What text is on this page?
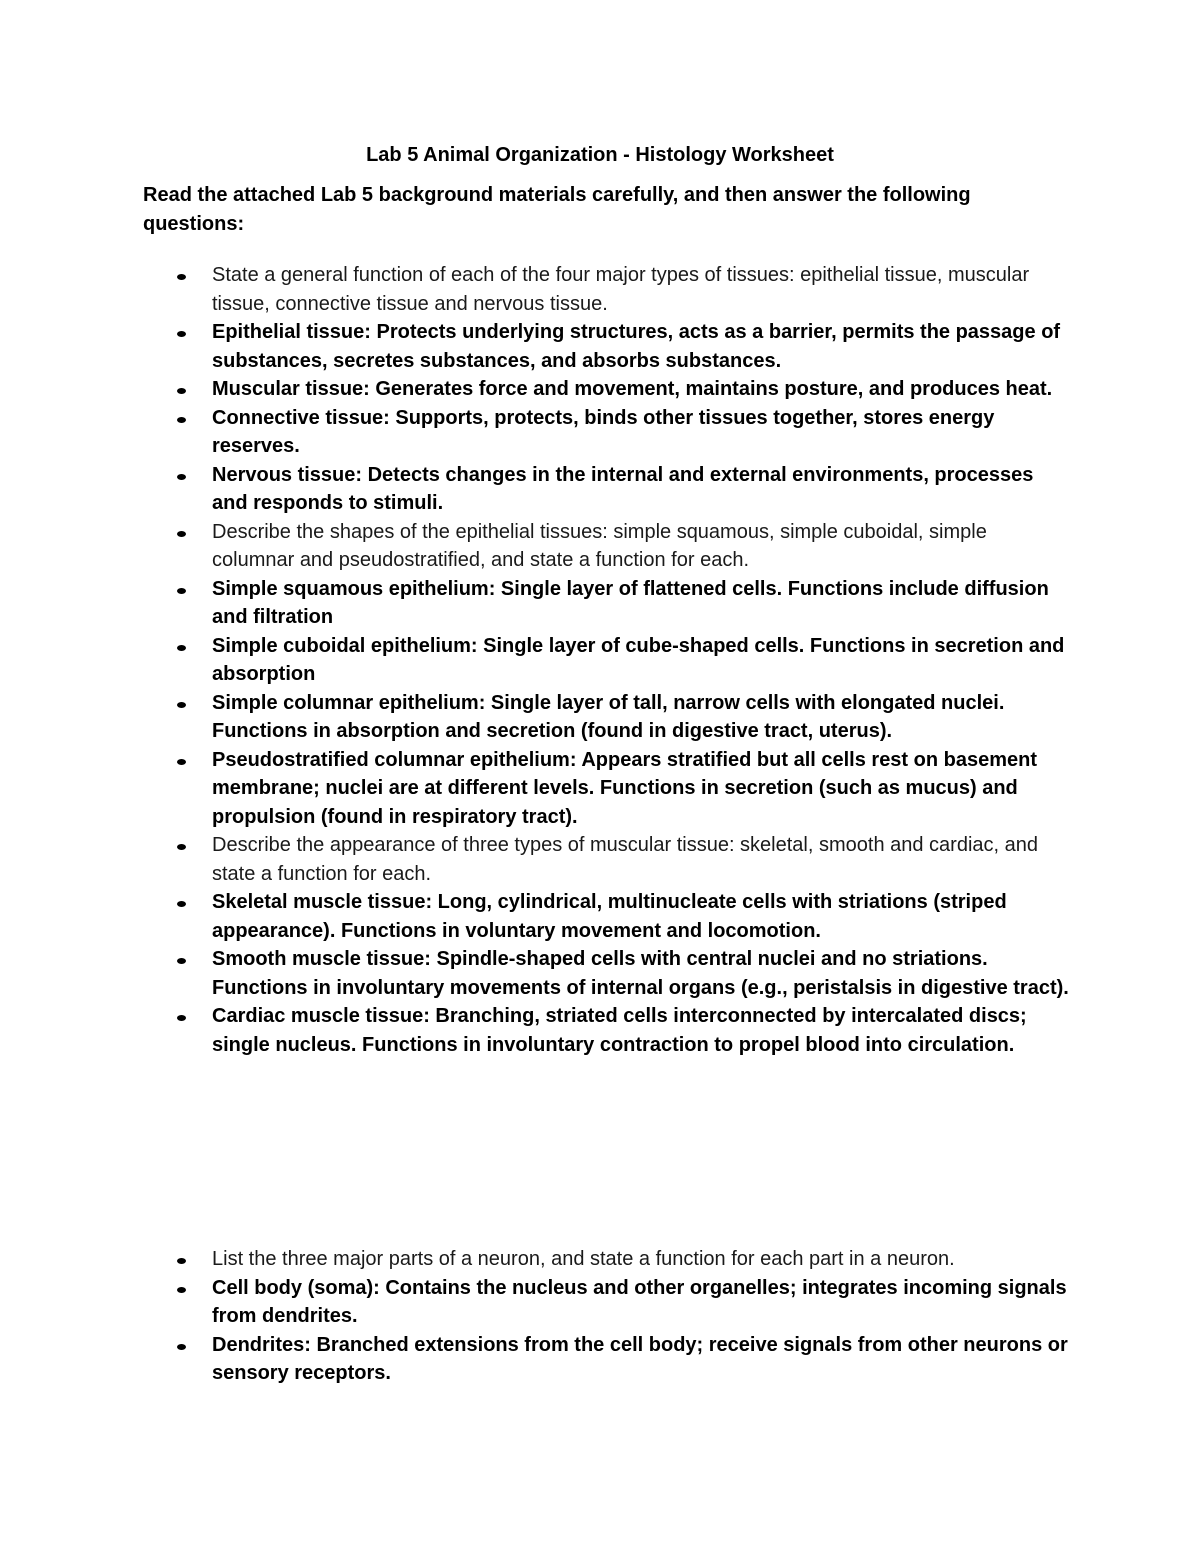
Lab 5 Animal Organization - Histology Worksheet
Read the attached Lab 5 background materials carefully, and then answer the following questions:
State a general function of each of the four major types of tissues: epithelial tissue, muscular tissue, connective tissue and nervous tissue.
Epithelial tissue: Protects underlying structures, acts as a barrier, permits the passage of substances, secretes substances, and absorbs substances.
Muscular tissue: Generates force and movement, maintains posture, and produces heat.
Connective tissue: Supports, protects, binds other tissues together, stores energy reserves.
Nervous tissue: Detects changes in the internal and external environments, processes and responds to stimuli.
Describe the shapes of the epithelial tissues: simple squamous, simple cuboidal, simple columnar and pseudostratified, and state a function for each.
Simple squamous epithelium: Single layer of flattened cells. Functions include diffusion and filtration
Simple cuboidal epithelium: Single layer of cube-shaped cells. Functions in secretion and absorption
Simple columnar epithelium: Single layer of tall, narrow cells with elongated nuclei. Functions in absorption and secretion (found in digestive tract, uterus).
Pseudostratified columnar epithelium: Appears stratified but all cells rest on basement membrane; nuclei are at different levels. Functions in secretion (such as mucus) and propulsion (found in respiratory tract).
Describe the appearance of three types of muscular tissue: skeletal, smooth and cardiac, and state a function for each.
Skeletal muscle tissue: Long, cylindrical, multinucleate cells with striations (striped appearance). Functions in voluntary movement and locomotion.
Smooth muscle tissue: Spindle-shaped cells with central nuclei and no striations. Functions in involuntary movements of internal organs (e.g., peristalsis in digestive tract).
Cardiac muscle tissue: Branching, striated cells interconnected by intercalated discs; single nucleus. Functions in involuntary contraction to propel blood into circulation.
List the three major parts of a neuron, and state a function for each part in a neuron.
Cell body (soma): Contains the nucleus and other organelles; integrates incoming signals from dendrites.
Dendrites: Branched extensions from the cell body; receive signals from other neurons or sensory receptors.
